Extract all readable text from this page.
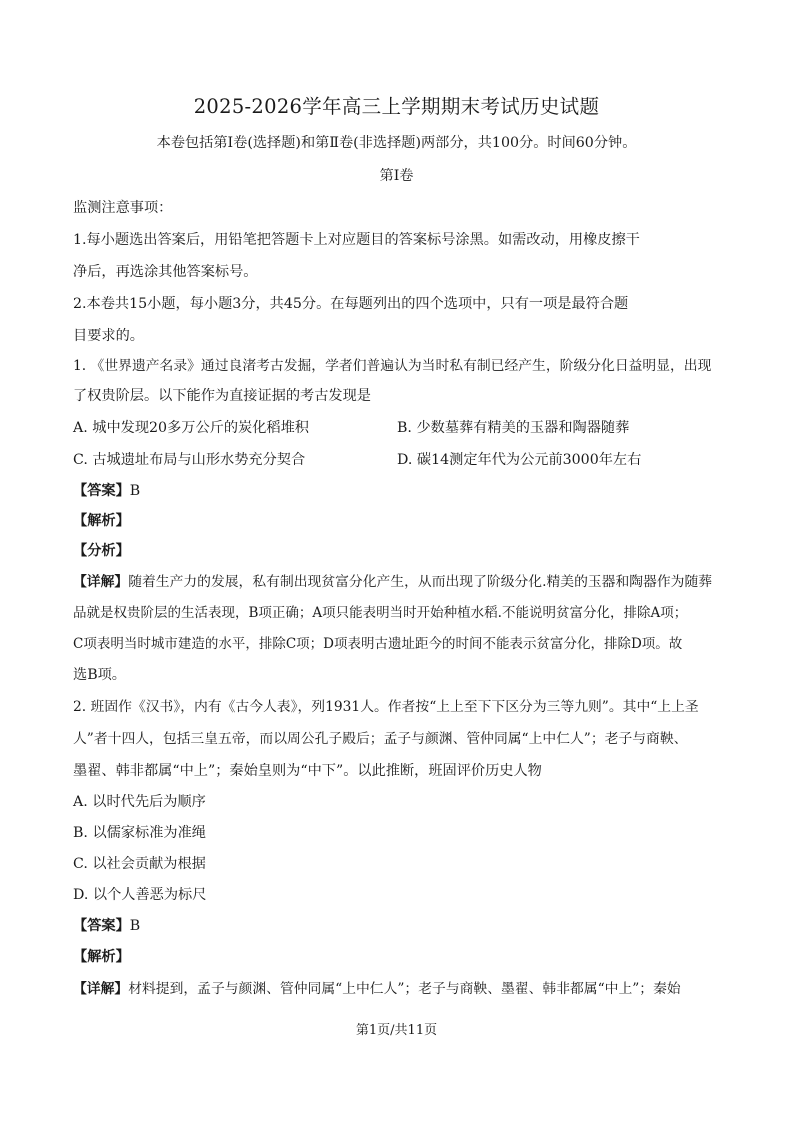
2025-2026学年高三上学期期末考试历史试题
本卷包括第Ⅰ卷(选择题)和第Ⅱ卷(非选择题)两部分，共100分。时间60分钟。
第Ⅰ卷
监测注意事项：
1.每小题选出答案后，用铅笔把答题卡上对应题目的答案标号涂黑。如需改动，用橡皮擦干
净后，再选涂其他答案标号。
2.本卷共15小题，每小题3分，共45分。在每题列出的四个选项中，只有一项是最符合题
目要求的。
1. 《世界遗产名录》通过良渚考古发掘，学者们普遍认为当时私有制已经产生，阶级分化日益明显，出现
了权贵阶层。以下能作为直接证据的考古发现是
A. 城中发现20多万公斤的炭化稻堆积	B. 少数墓葬有精美的玉器和陶器随葬
C. 古城遗址布局与山形水势充分契合	D. 碳14测定年代为公元前3000年左右
【答案】B
【解析】
【分析】
【详解】随着生产力的发展，私有制出现贫富分化产生，从而出现了阶级分化.精美的玉器和陶器作为随葬
品就是权贵阶层的生活表现，B项正确；A项只能表明当时开始种植水稻.不能说明贫富分化，排除A项；
C项表明当时城市建造的水平，排除C项；D项表明古遗址距今的时间不能表示贫富分化，排除D项。故
选B项。
2. 班固作《汉书》，内有《古今人表》，列1931人。作者按“上上至下下区分为三等九则”。其中“上上圣
人”者十四人，包括三皇五帝，而以周公孔子殿后；孟子与颜渊、管仲同属“上中仁人”；老子与商鞅、
墨翟、韩非都属“中上”；秦始皇则为“中下”。以此推断，班固评价历史人物
A. 以时代先后为顺序
B. 以儒家标准为准绳
C. 以社会贡献为根据
D. 以个人善恶为标尺
【答案】B
【解析】
【详解】材料提到，孟子与颜渊、管仲同属“上中仁人”；老子与商鞅、墨翟、韩非都属“中上”；秦始
第1页/共11页
